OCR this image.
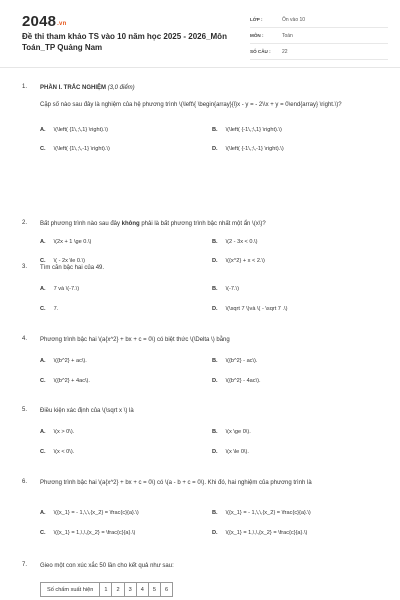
$2048_{.vn}$
Đề thi tham khảo TS vào 10 năm học 2025 - 2026_Môn Toán_TP Quảng Nam
LỚP :	Ôn vào 10
MÔN :	Toán
SỐ CÂU :	22
1. PHẦN I. TRẮC NGHIỆM (3,0 điểm)
Cặp số nào sau đây là nghiệm của hệ phương trình \(\left\{ \begin{array}{l}x - y = - 2\\x + y = 0\end{array} \right.\)?
A. \(\left( {1\,;\,1} \right).\)	B. \(\left( {-1\,;\,1} \right).\)
C. \(\left( {1\,;\,-1} \right).\)	D. \(\left( {-1\,;\,-1} \right).\)
2. Bất phương trình nào sau đây không phải là bất phương trình bậc nhất một ẩn \(x\)?
A. \(2x + 1 \ge 0.\)	B. \(2 - 3x < 0.\)
C. \( - 2x \le 0.\)	D. \({x^2} + x < 2.\)
3. Tìm căn bậc hai của 49.
A. 7 và \(-7.\)	B. \(-7.\)
C. 7.	D. \(\sqrt 7 \)và \( - \sqrt 7 .\)
4. Phương trình bậc hai \(a{x^2} + bx + c = 0\) có biệt thức \(\Delta \) bằng
A. \({b^2} + ac\).	B. \({b^2} - ac\).
C. \({b^2} + 4ac\).	D. \({b^2} - 4ac\).
5. Điều kiện xác định của \(\sqrt x \) là
A. \(x > 0\).	B. \(x \ge 0\).
C. \(x < 0\).	D. \(x \le 0\).
6. Phương trình bậc hai \(a{x^2} + bx + c = 0\) có \(a - b + c = 0\). Khi đó, hai nghiệm của phương trình là
A. \({x_1} = - 1,\,\,{x_2} = \frac{c}{a}.\)	B. \({x_1} = - 1,\,\,{x_2} = \frac{c}{a}.\)
C. \({x_1} = 1,\,\,{x_2} = \frac{c}{a}.\)	D. \({x_1} = 1,\,\,{x_2} = \frac{c}{a}.\)
7. Gieo một con xúc xắc 50 lần cho kết quả như sau:
Số chấm xuất hiện	1	2	3	4	5	6
